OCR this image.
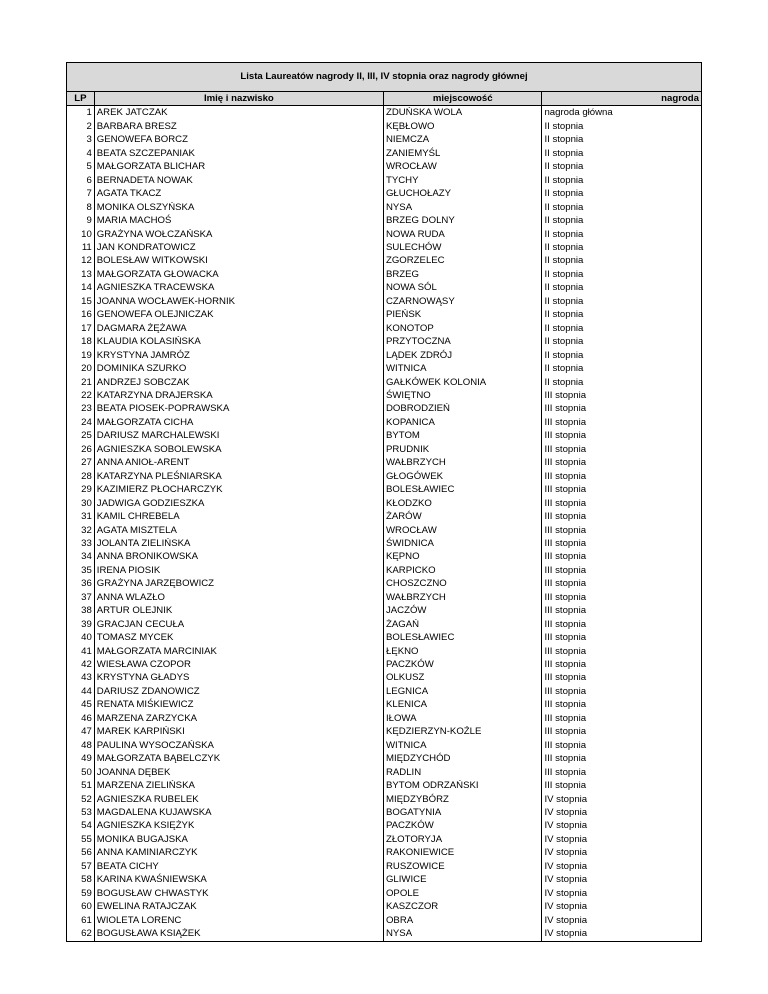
Lista Laureatów nagrody II, III, IV stopnia oraz nagrody głównej			
LP	Imię i nazwisko	miejscowość	nagroda
1	AREK JATCZAK	ZDUŃSKA WOLA	nagroda główna
2	BARBARA BRESZ	KĘBŁOWO	II stopnia
3	GENOWEFA BORCZ	NIEMCZA	II stopnia
4	BEATA SZCZEPANIAK	ZANIEMYŚL	II stopnia
5	MAŁGORZATA BLICHAR	WROCŁAW	II stopnia
6	BERNADETA NOWAK	TYCHY	II stopnia
7	AGATA TKACZ	GŁUCHOŁAZY	II stopnia
8	MONIKA OLSZYŃSKA	NYSA	II stopnia
9	MARIA MACHOŚ	BRZEG DOLNY	II stopnia
10	GRAŻYNA WOŁCZAŃSKA	NOWA RUDA	II stopnia
11	JAN KONDRATOWICZ	SULECHÓW	II stopnia
12	BOLESŁAW WITKOWSKI	ZGORZELEC	II stopnia
13	MAŁGORZATA GŁOWACKA	BRZEG	II stopnia
14	AGNIESZKA TRACEWSKA	NOWA SÓL	II stopnia
15	JOANNA WOCŁAWEK-HORNIK	CZARNOWĄSY	II stopnia
16	GENOWEFA OLEJNICZAK	PIEŃSK	II stopnia
17	DAGMARA ŻĘŻAWA	KONOTOP	II stopnia
18	KLAUDIA KOLASIŃSKA	PRZYTOCZNA	II stopnia
19	KRYSTYNA JAMRÓZ	LĄDEK ZDRÓJ	II stopnia
20	DOMINIKA SZURKO	WITNICA	II stopnia
21	ANDRZEJ SOBCZAK	GAŁKÓWEK KOLONIA	II stopnia
22	KATARZYNA DRAJERSKA	ŚWIĘTNO	III stopnia
23	BEATA PIOSEK-POPRAWSKA	DOBRODZIEŃ	III stopnia
24	MAŁGORZATA CICHA	KOPANICA	III stopnia
25	DARIUSZ MARCHALEWSKI	BYTOM	III stopnia
26	AGNIESZKA SOBOLEWSKA	PRUDNIK	III stopnia
27	ANNA ANIOŁ-ARENT	WAŁBRZYCH	III stopnia
28	KATARZYNA PLEŚNIARSKA	GŁOGÓWEK	III stopnia
29	KAZIMIERZ PŁOCHARCZYK	BOLESŁAWIEC	III stopnia
30	JADWIGA GODZIESZKA	KŁODZKO	III stopnia
31	KAMIL CHREBELA	ŻARÓW	III stopnia
32	AGATA MISZTELA	WROCŁAW	III stopnia
33	JOLANTA ZIELIŃSKA	ŚWIDNICA	III stopnia
34	ANNA BRONIKOWSKA	KĘPNO	III stopnia
35	IRENA PIOSIK	KARPICKO	III stopnia
36	GRAŻYNA JARZĘBOWICZ	CHOSZCZNO	III stopnia
37	ANNA WLAZŁO	WAŁBRZYCH	III stopnia
38	ARTUR OLEJNIK	JACZÓW	III stopnia
39	GRACJAN CECUŁA	ŻAGAŃ	III stopnia
40	TOMASZ MYCEK	BOLESŁAWIEC	III stopnia
41	MAŁGORZATA MARCINIAK	ŁĘKNO	III stopnia
42	WIESŁAWA CZOPOR	PACZKÓW	III stopnia
43	KRYSTYNA GŁADYS	OLKUSZ	III stopnia
44	DARIUSZ ZDANOWICZ	LEGNICA	III stopnia
45	RENATA MIŚKIEWICZ	KLENICA	III stopnia
46	MARZENA ZARZYCKA	IŁOWA	III stopnia
47	MAREK KARPIŃSKI	KĘDZIERZYN-KOŹLE	III stopnia
48	PAULINA WYSOCZAŃSKA	WITNICA	III stopnia
49	MAŁGORZATA BĄBELCZYK	MIĘDZYCHÓD	III stopnia
50	JOANNA DĘBEK	RADLIN	III stopnia
51	MARZENA ZIELIŃSKA	BYTOM ODRZAŃSKI	III stopnia
52	AGNIESZKA RUBELEK	MIĘDZYBÓRZ	IV stopnia
53	MAGDALENA KUJAWSKA	BOGATYNIA	IV stopnia
54	AGNIESZKA KSIĘŻYK	PACZKÓW	IV stopnia
55	MONIKA BUGAJSKA	ZŁOTORYJA	IV stopnia
56	ANNA KAMINIARCZYK	RAKONIEWICE	IV stopnia
57	BEATA CICHY	RUSZOWICE	IV stopnia
58	KARINA KWAŚNIEWSKA	GLIWICE	IV stopnia
59	BOGUSŁAW CHWASTYK	OPOLE	IV stopnia
60	EWELINA RATAJCZAK	KASZCZOR	IV stopnia
61	WIOLETA LORENC	OBRA	IV stopnia
62	BOGUSŁAWA KSIĄŻEK	NYSA	IV stopnia
